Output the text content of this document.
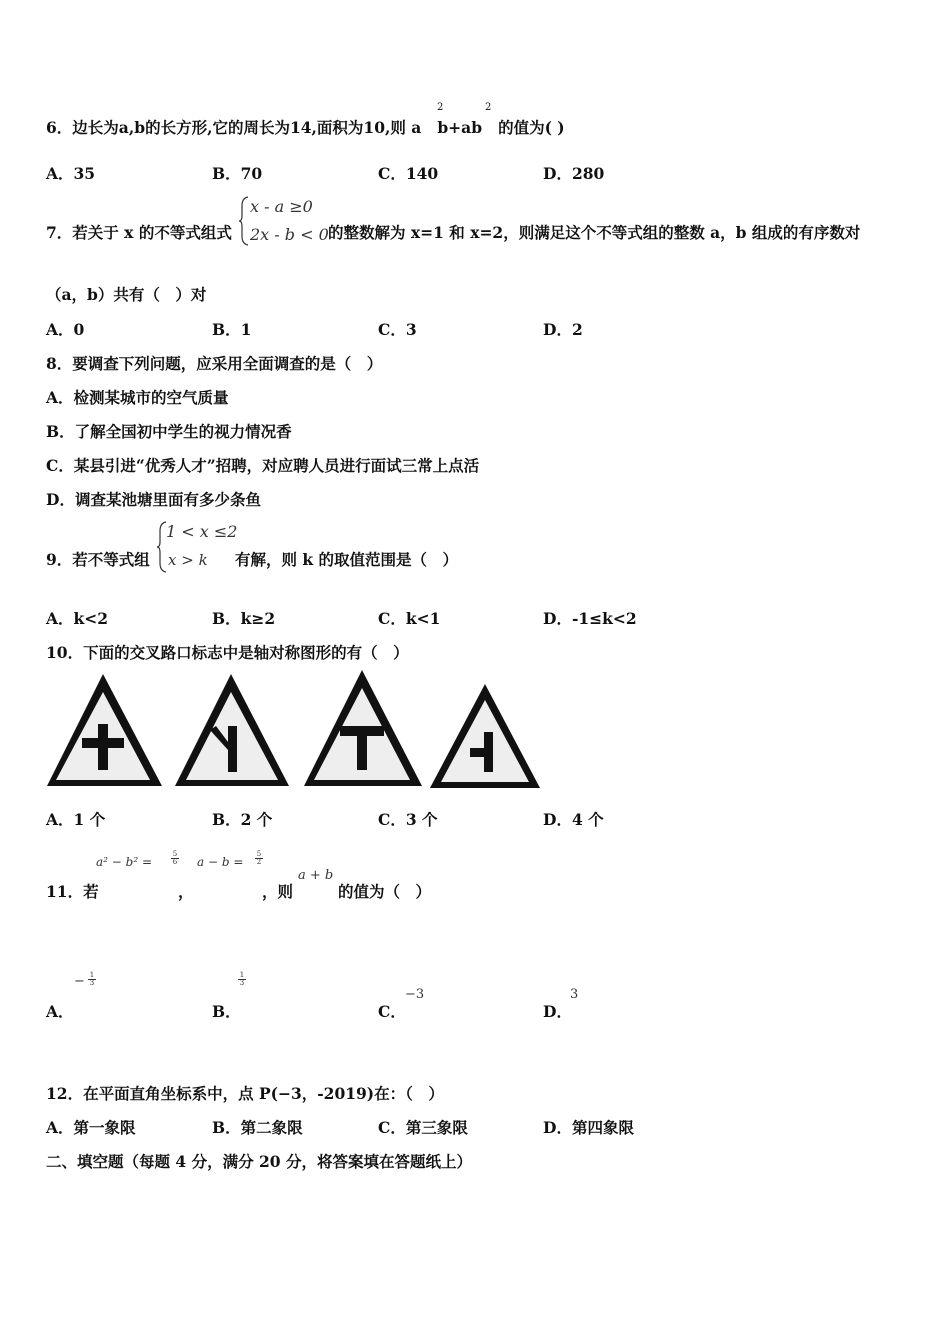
6．边长为a,b的长方形,它的周长为14,面积为10,则 a b+ab 的值为( )
2	2
A．35	B．70	C．140	D．280
7．若关于 x 的不等式组式
x - a ≥0
2x - b < 0 的整数解为 x=1 和 x=2，则满足这个不等式组的整数 a，b 组成的有序数对
（a，b）共有（　）对
A．0	B．1	C．3	D．2
8．要调查下列问题，应采用全面调查的是（　）
A．检测某城市的空气质量
B．了解全国初中学生的视力情况香
C．某县引进“优秀人才”招聘，对应聘人员进行面试三常上点活
D．调查某池塘里面有多少条鱼
9．若不等式组
1 < x ≤2
x > k 有解，则 k 的取值范围是（　）
A．k<2	B．k≥2	C．k<1	D．-1≤k<2
10．下面的交叉路口标志中是轴对称图形的有（　）
A．1 个	B．2 个	C．3 个	D．4 个
a² − b² =	$\frac{5}{6}$ $a - b = \frac{5}{2}$
11．若	，	，则
a + b
的值为（　）
A．
− $\frac{1}{3}$
B．
$\frac{1}{3}$
C．
−3
D．
3
12．在平面直角坐标系中，点 P(−3，-2019)在：（　）
A．第一象限	B．第二象限	C．第三象限	D．第四象限
二、填空题（每题 4 分，满分 20 分，将答案填在答题纸上）
